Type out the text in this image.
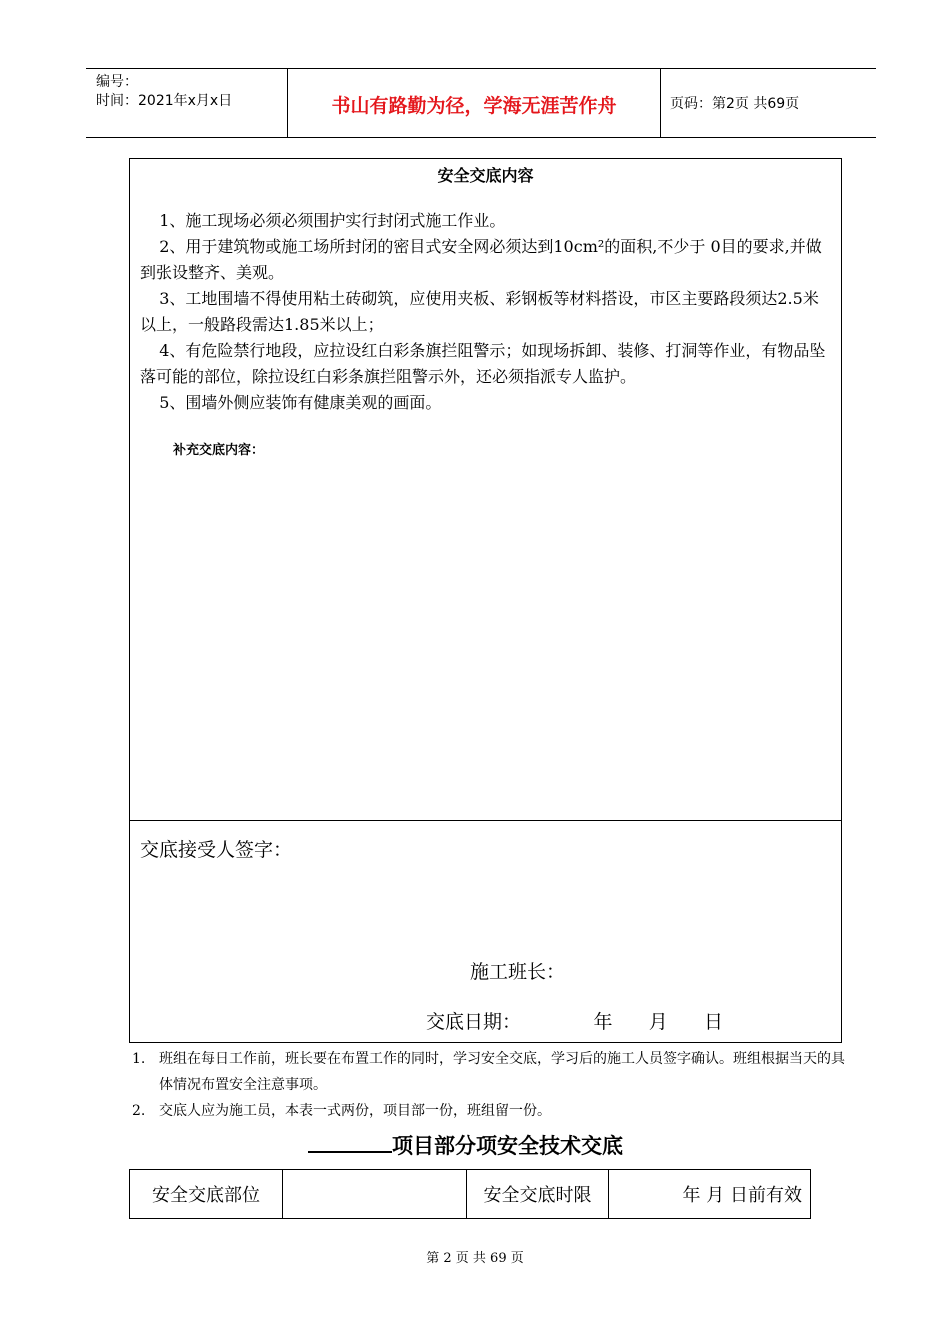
编号：
时间：2021年x月x日	书山有路勤为径，学海无涯苦作舟	页码：第2页 共69页
安全交底内容

1、施工现场必须必须围护实行封闭式施工作业。

2、用于建筑物或施工场所封闭的密目式安全网必须达到10cm²的面积,不少于 0目的要求,并做到张设整齐、美观。

3、工地围墙不得使用粘土砖砌筑，应使用夹板、彩钢板等材料搭设，市区主要路段须达2.5米以上，一般路段需达1.85米以上；

4、有危险禁行地段，应拉设红白彩条旗拦阻警示；如现场拆卸、装修、打洞等作业，有物品坠落可能的部位，除拉设红白彩条旗拦阻警示外，还必须指派专人监护。

5、围墙外侧应装饰有健康美观的画面。

补充交底内容：
交底接受人签字：
施工班长：
交底日期：	年 月 日
1. 班组在每日工作前，班长要在布置工作的同时，学习安全交底，学习后的施工人员签字确认。班组根据当天的具体情况布置安全注意事项。
2. 交底人应为施工员，本表一式两份，项目部一份，班组留一份。
项目部分项安全技术交底
安全交底部位		安全交底时限	年 月 日前有效
第 2 页 共 69 页
